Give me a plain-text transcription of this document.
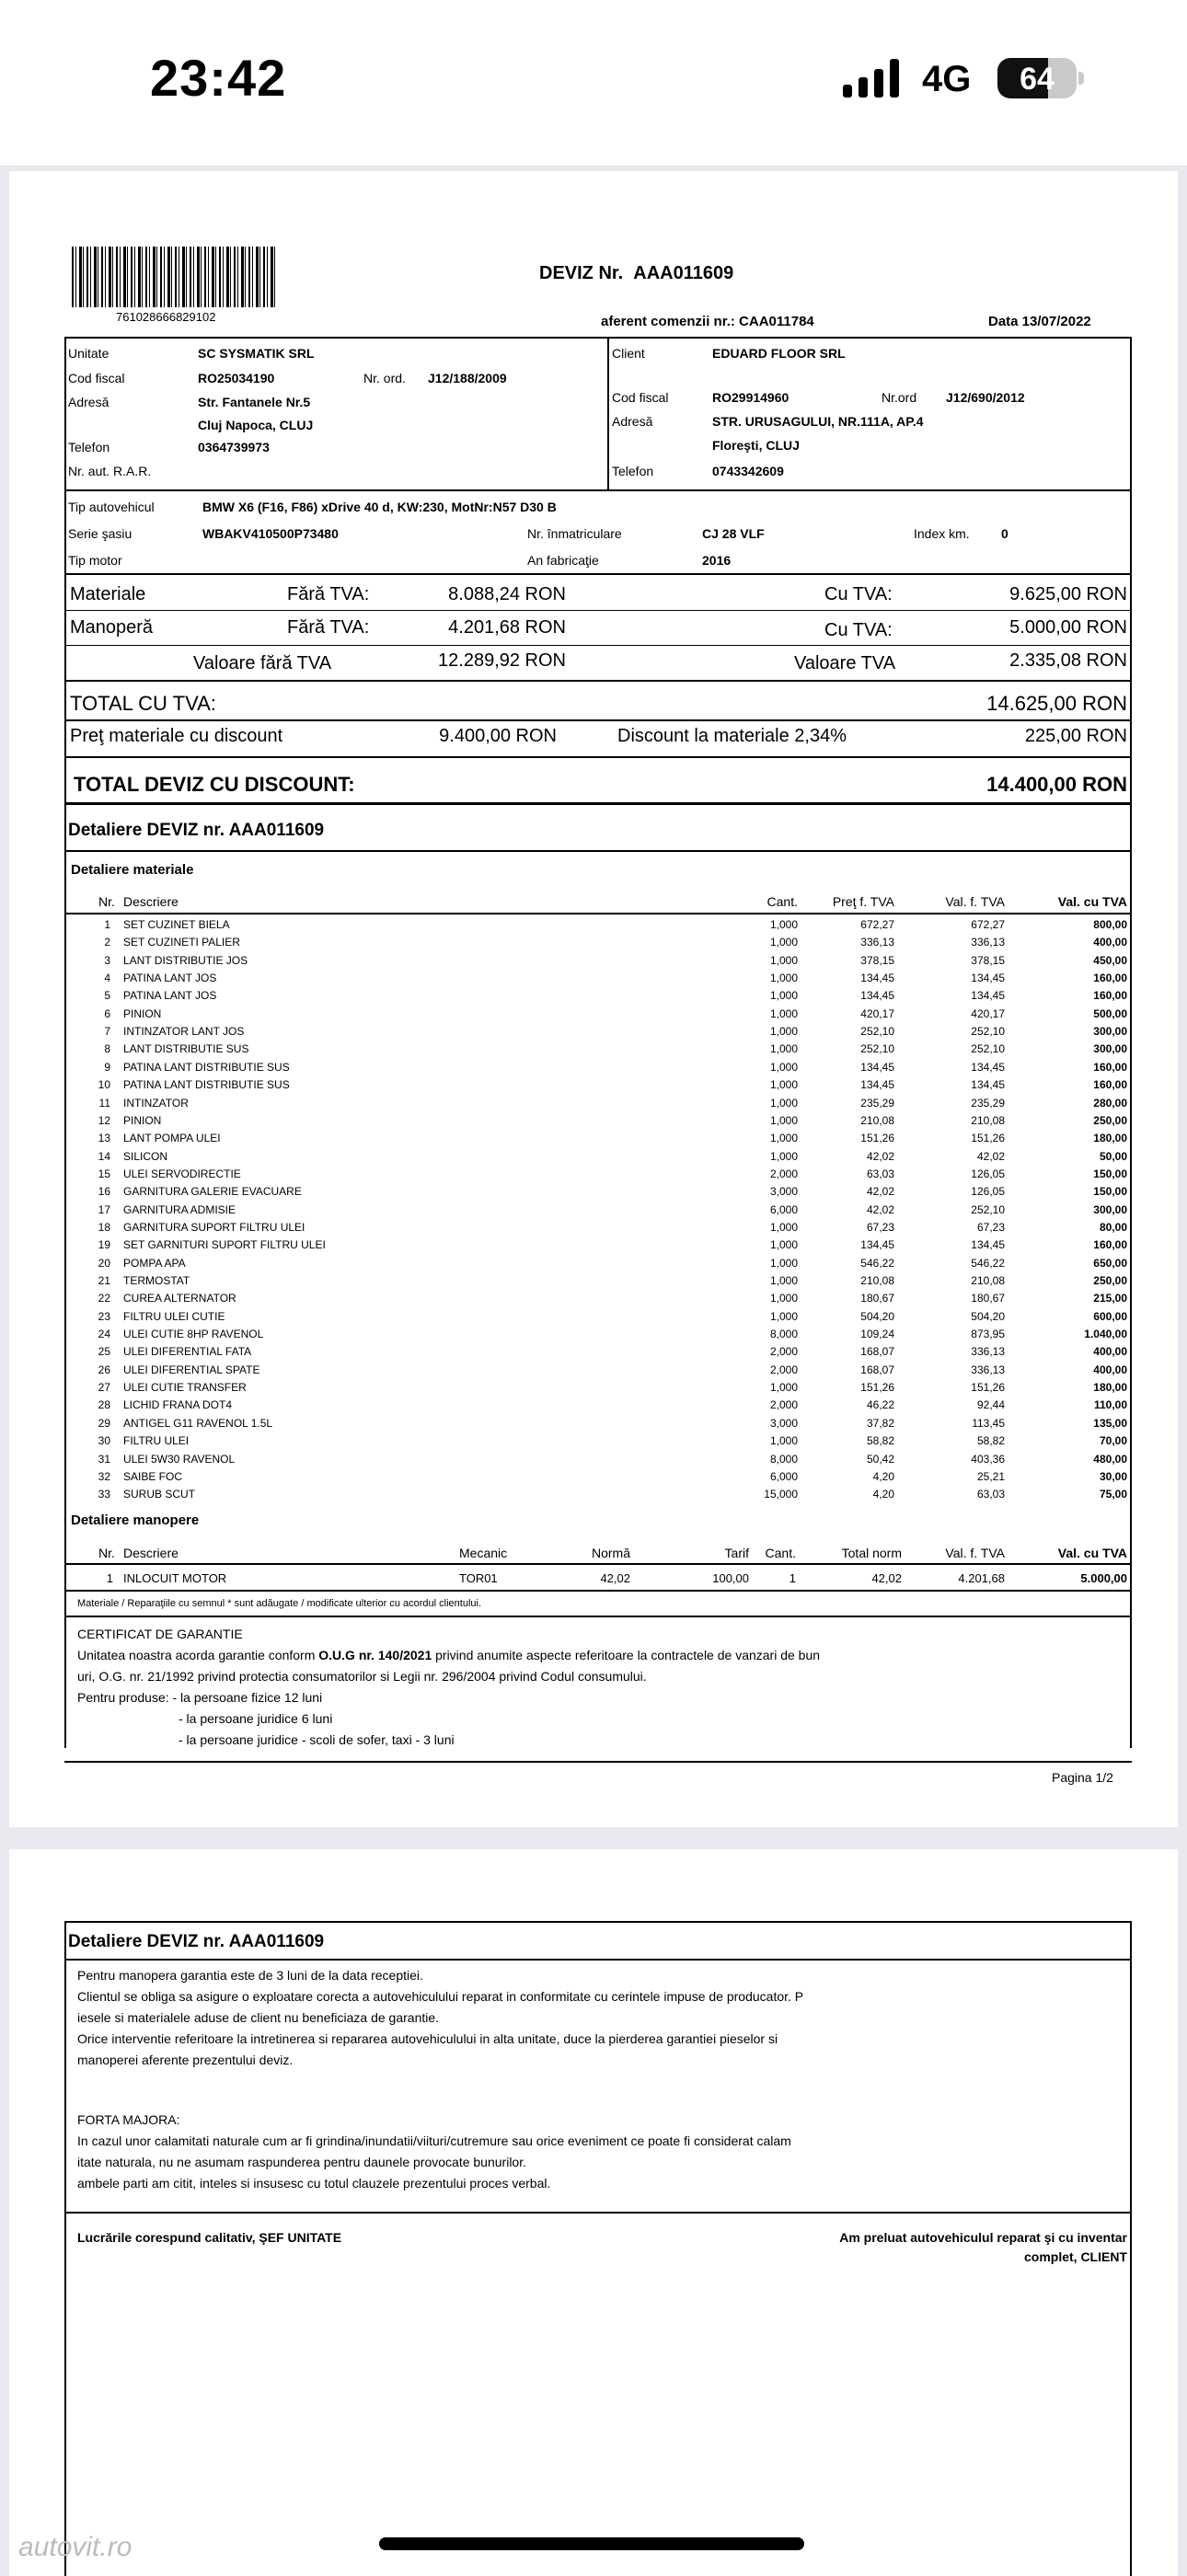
23:42	4G	64
761028666829102
DEVIZ Nr. AAA011609
aferent comenzii nr.: CAA011784	Data 13/07/2022
Unitate	SC SYSMATIK SRL
Cod fiscal	RO25034190	Nr. ord. J12/188/2009
Adresă	Str. Fantanele Nr.5
Cluj Napoca, CLUJ
Telefon	0364739973
Nr. aut. R.A.R.
Client	EDUARD FLOOR SRL
Cod fiscal	RO29914960	Nr.ord J12/690/2012
Adresă	STR. URUSAGULUI, NR.111A, AP.4
Floreşti, CLUJ
Telefon	0743342609
Tip autovehicul	BMW X6 (F16, F86) xDrive 40 d, KW:230, MotNr:N57 D30 B
Serie şasiu	WBAKV410500P73480	Nr. înmatriculare	CJ 28 VLF	Index km. 0
Tip motor	An fabricaţie	2016
Materiale	Fără TVA:	8.088,24 RON	Cu TVA:	9.625,00 RON
Manoperă	Fără TVA:	4.201,68 RON	Cu TVA:	5.000,00 RON
Valoare fără TVA	12.289,92 RON	Valoare TVA	2.335,08 RON
TOTAL CU TVA:	14.625,00 RON
Preţ materiale cu discount	9.400,00 RON	Discount la materiale 2,34%	225,00 RON
TOTAL DEVIZ CU DISCOUNT:	14.400,00 RON
Detaliere DEVIZ nr. AAA011609
Detaliere materiale
Nr. Descriere	Cant.	Preţ f. TVA	Val. f. TVA	Val. cu TVA
1 SET CUZINET BIELA	1,000	672,27	672,27	800,00
2 SET CUZINETI PALIER	1,000	336,13	336,13	400,00
3 LANT DISTRIBUTIE JOS	1,000	378,15	378,15	450,00
4 PATINA LANT JOS	1,000	134,45	134,45	160,00
5 PATINA LANT JOS	1,000	134,45	134,45	160,00
6 PINION	1,000	420,17	420,17	500,00
7 INTINZATOR LANT JOS	1,000	252,10	252,10	300,00
8 LANT DISTRIBUTIE SUS	1,000	252,10	252,10	300,00
9 PATINA LANT DISTRIBUTIE SUS	1,000	134,45	134,45	160,00
10 PATINA LANT DISTRIBUTIE SUS	1,000	134,45	134,45	160,00
11 INTINZATOR	1,000	235,29	235,29	280,00
12 PINION	1,000	210,08	210,08	250,00
13 LANT POMPA ULEI	1,000	151,26	151,26	180,00
14 SILICON	1,000	42,02	42,02	50,00
15 ULEI SERVODIRECTIE	2,000	63,03	126,05	150,00
16 GARNITURA GALERIE EVACUARE	3,000	42,02	126,05	150,00
17 GARNITURA ADMISIE	6,000	42,02	252,10	300,00
18 GARNITURA SUPORT FILTRU ULEI	1,000	67,23	67,23	80,00
19 SET GARNITURI SUPORT FILTRU ULEI	1,000	134,45	134,45	160,00
20 POMPA APA	1,000	546,22	546,22	650,00
21 TERMOSTAT	1,000	210,08	210,08	250,00
22 CUREA ALTERNATOR	1,000	180,67	180,67	215,00
23 FILTRU ULEI CUTIE	1,000	504,20	504,20	600,00
24 ULEI CUTIE 8HP RAVENOL	8,000	109,24	873,95	1.040,00
25 ULEI DIFERENTIAL FATA	2,000	168,07	336,13	400,00
26 ULEI DIFERENTIAL SPATE	2,000	168,07	336,13	400,00
27 ULEI CUTIE TRANSFER	1,000	151,26	151,26	180,00
28 LICHID FRANA DOT4	2,000	46,22	92,44	110,00
29 ANTIGEL G11 RAVENOL 1.5L	3,000	37,82	113,45	135,00
30 FILTRU ULEI	1,000	58,82	58,82	70,00
31 ULEI 5W30 RAVENOL	8,000	50,42	403,36	480,00
32 SAIBE FOC	6,000	4,20	25,21	30,00
33 SURUB SCUT	15,000	4,20	63,03	75,00
Detaliere manopere
Nr. Descriere	Mecanic	Normă	Tarif Cant.	Total norm	Val. f. TVA	Val. cu TVA
1 INLOCUIT MOTOR	TOR01	42,02	100,00	1	42,02	4.201,68	5.000,00
Materiale / Reparaţiile cu semnul * sunt adăugate / modificate ulterior cu acordul clientului.
CERTIFICAT DE GARANTIE
Unitatea noastra acorda garantie conform O.U.G nr. 140/2021 privind anumite aspecte referitoare la contractele de vanzari de bun
uri, O.G. nr. 21/1992 privind protectia consumatorilor si Legii nr. 296/2004 privind Codul consumului.
Pentru produse: - la persoane fizice 12 luni
- la persoane juridice 6 luni
- la persoane juridice - scoli de sofer, taxi - 3 luni
Pagina 1/2
Detaliere DEVIZ nr. AAA011609
Pentru manopera garantia este de 3 luni de la data receptiei.
Clientul se obliga sa asigure o exploatare corecta a autovehiculului reparat in conformitate cu cerintele impuse de producator. P
iesele si materialele aduse de client nu beneficiaza de garantie.
Orice interventie referitoare la intretinerea si repararea autovehiculului in alta unitate, duce la pierderea garantiei pieselor si
manoperei aferente prezentului deviz.
FORTA MAJORA:
In cazul unor calamitati naturale cum ar fi grindina/inundatii/viituri/cutremure sau orice eveniment ce poate fi considerat calam
itate naturala, nu ne asumam raspunderea pentru daunele provocate bunurilor.
ambele parti am citit, inteles si insusesc cu totul clauzele prezentului proces verbal.
Lucrările corespund calitativ, ŞEF UNITATE	Am preluat autovehiculul reparat şi cu inventar
complet, CLIENT
autovit.ro
